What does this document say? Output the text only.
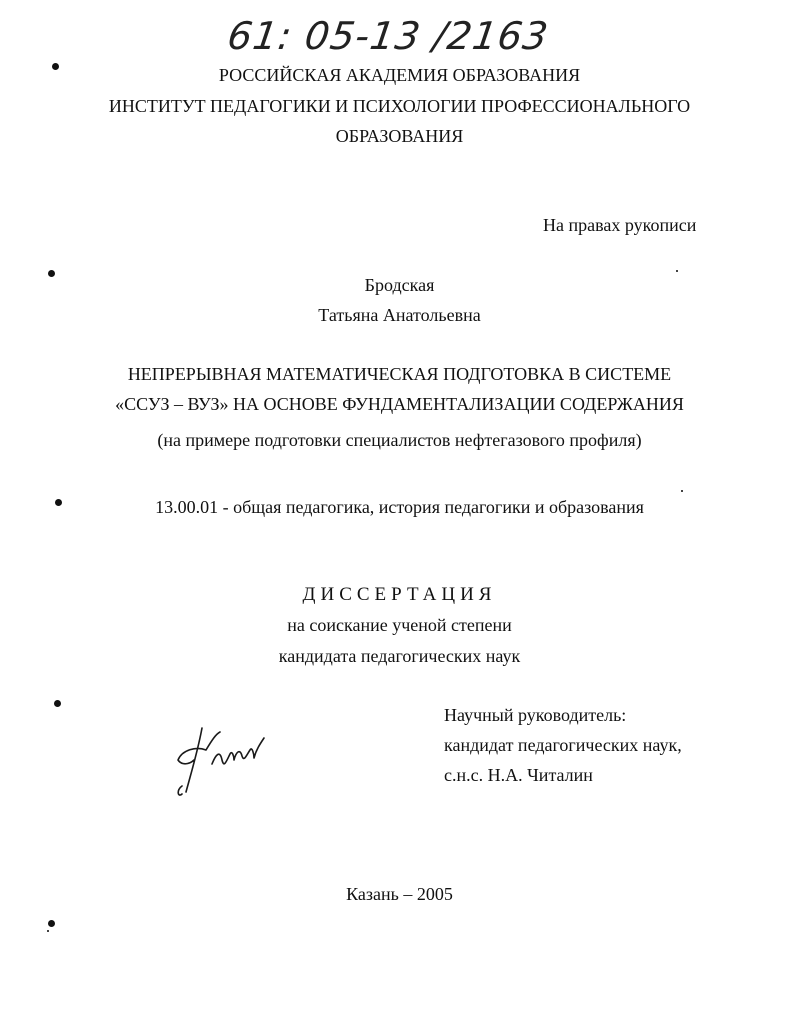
61: 05-13 /2163
РОССИЙСКАЯ АКАДЕМИЯ ОБРАЗОВАНИЯ
ИНСТИТУТ ПЕДАГОГИКИ И ПСИХОЛОГИИ ПРОФЕССИОНАЛЬНОГО
ОБРАЗОВАНИЯ
На правах рукописи
Бродская
Татьяна Анатольевна
НЕПРЕРЫВНАЯ МАТЕМАТИЧЕСКАЯ ПОДГОТОВКА В СИСТЕМЕ
«ССУЗ – ВУЗ» НА ОСНОВЕ ФУНДАМЕНТАЛИЗАЦИИ СОДЕРЖАНИЯ
(на примере подготовки специалистов нефтегазового профиля)
13.00.01 - общая педагогика, история педагогики и образования
ДИССЕРТАЦИЯ
на соискание ученой степени
кандидата педагогических наук
Научный руководитель:
кандидат педагогических наук,
с.н.с. Н.А. Читалин
Казань – 2005
